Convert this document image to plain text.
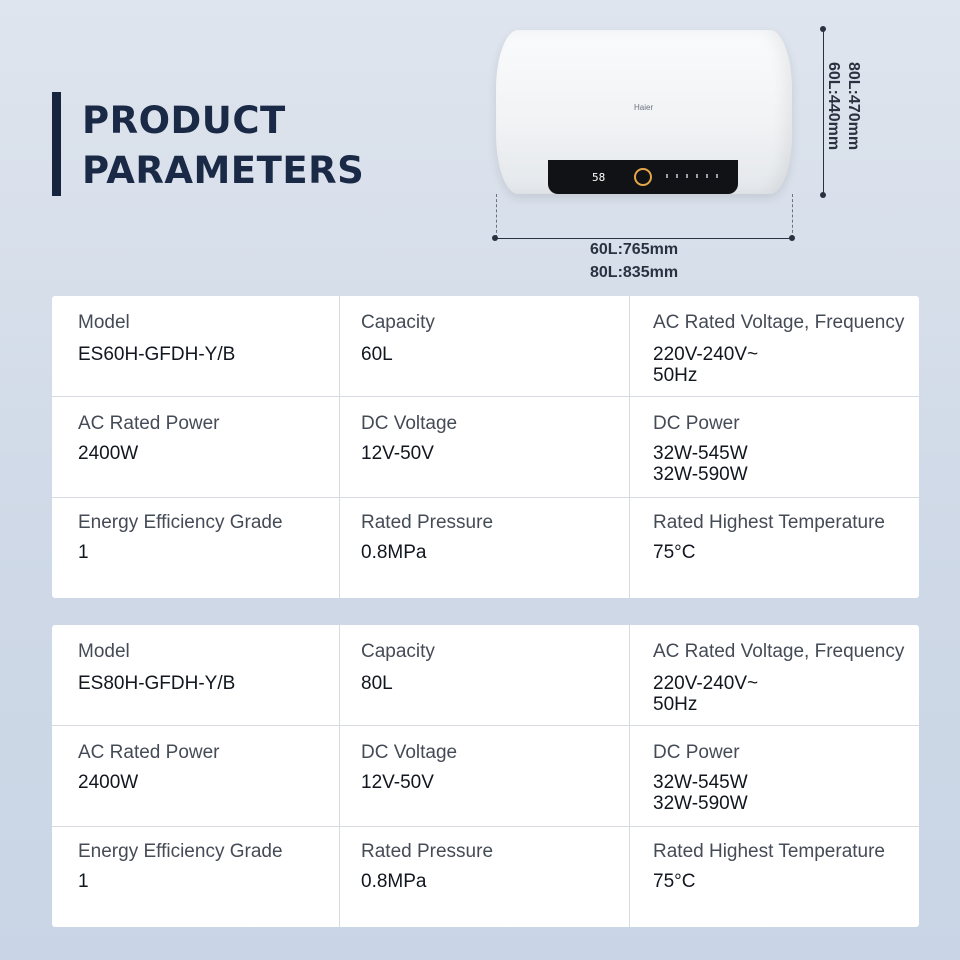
PRODUCT
PARAMETERS
Haier
58
60L:765mm
80L:835mm
80L:470mm
60L:440mm
Model
ES60H-GFDH-Y/B
Capacity
60L
AC Rated Voltage, Frequency
220V-240V~
50Hz
AC Rated Power
2400W
DC Voltage
12V-50V
DC Power
32W-545W
32W-590W
Energy Efficiency Grade
1
Rated Pressure
0.8MPa
Rated Highest Temperature
75°C
Model
ES80H-GFDH-Y/B
Capacity
80L
AC Rated Voltage, Frequency
220V-240V~
50Hz
AC Rated Power
2400W
DC Voltage
12V-50V
DC Power
32W-545W
32W-590W
Energy Efficiency Grade
1
Rated Pressure
0.8MPa
Rated Highest Temperature
75°C
